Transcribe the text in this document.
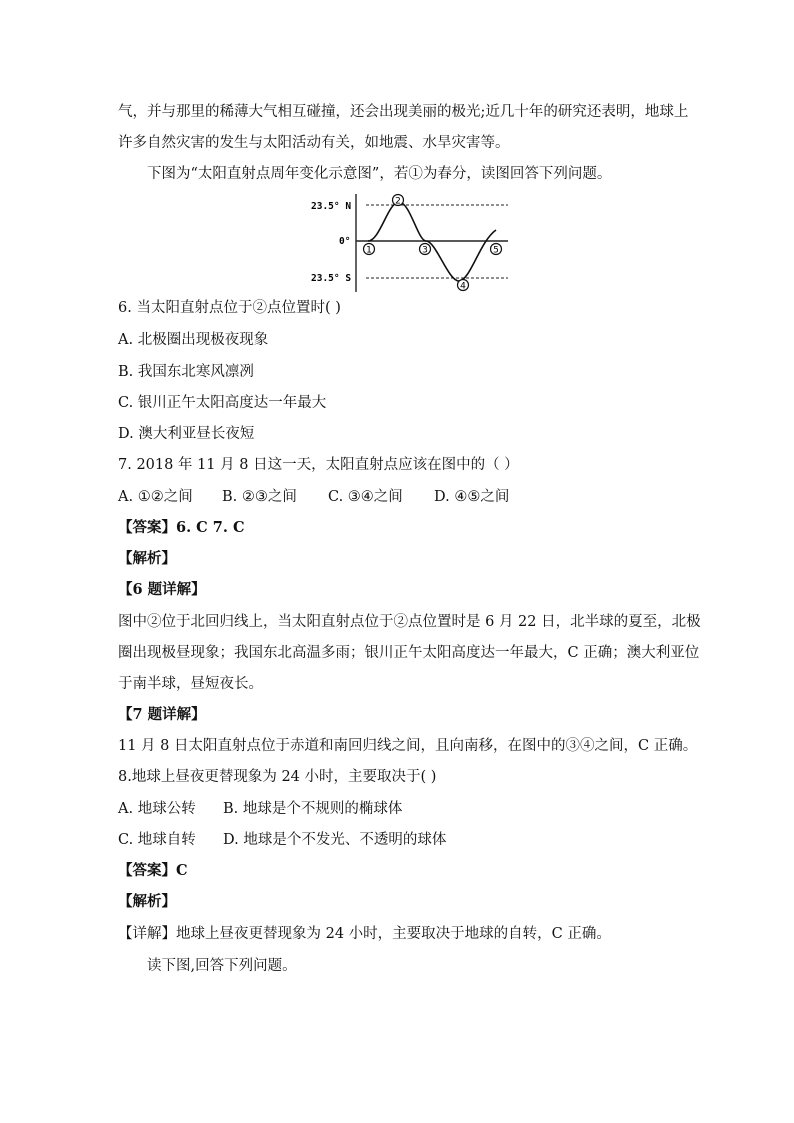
气，并与那里的稀薄大气相互碰撞，还会出现美丽的极光;近几十年的研究还表明，地球上
许多自然灾害的发生与太阳活动有关，如地震、水旱灾害等。
下图为“太阳直射点周年变化示意图”，若①为春分，读图回答下列问题。
23.5° N
0°
23.5° S
1
2
3
4
5
6. 当太阳直射点位于②点位置时( )
A. 北极圈出现极夜现象
B. 我国东北寒风凛冽
C. 银川正午太阳高度达一年最大
D. 澳大利亚昼长夜短
7. 2018 年 11 月 8 日这一天，太阳直射点应该在图中的（ ）
A. ①②之间 B. ②③之间 C. ③④之间 D. ④⑤之间
【答案】6. C 7. C
【解析】
【6 题详解】
图中②位于北回归线上，当太阳直射点位于②点位置时是 6 月 22 日，北半球的夏至，北极
圈出现极昼现象；我国东北高温多雨；银川正午太阳高度达一年最大，C 正确；澳大利亚位
于南半球，昼短夜长。
【7 题详解】
11 月 8 日太阳直射点位于赤道和南回归线之间，且向南移，在图中的③④之间，C 正确。
8.地球上昼夜更替现象为 24 小时，主要取决于( )
A. 地球公转 B. 地球是个不规则的椭球体
C. 地球自转 D. 地球是个不发光、不透明的球体
【答案】C
【解析】
【详解】地球上昼夜更替现象为 24 小时，主要取决于地球的自转，C 正确。
读下图,回答下列问题。
